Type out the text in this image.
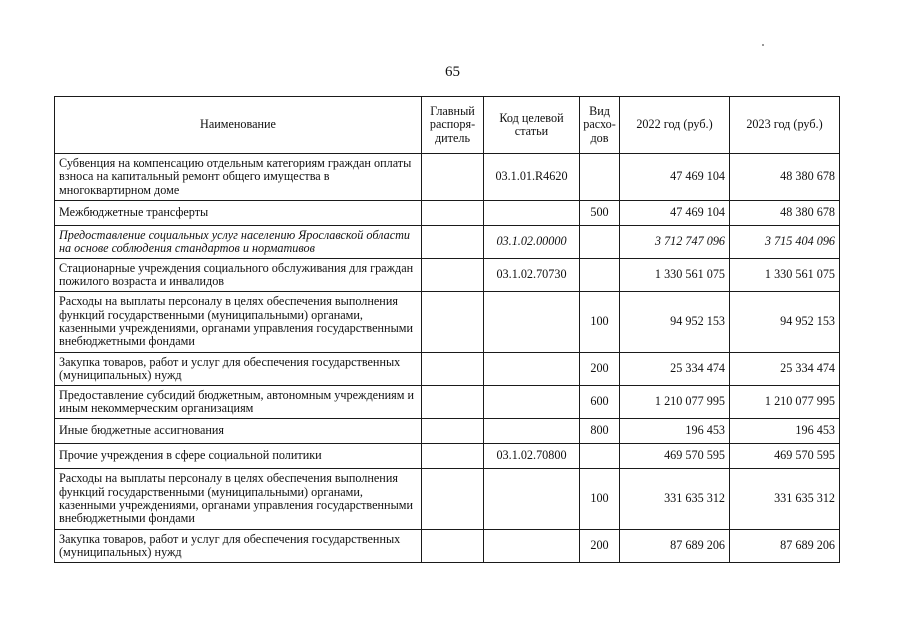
65
Наименование	Главный распоря-дитель	Код целевой статьи	Вид расхо-дов	2022 год (руб.)	2023 год (руб.)
Субвенция на компенсацию отдельным категориям граждан оплаты взноса на капитальный ремонт общего имущества в многоквартирном доме		03.1.01.R4620		47 469 104	48 380 678
Межбюджетные трансферты			500	47 469 104	48 380 678
Предоставление социальных услуг населению Ярославской области на основе соблюдения стандартов и нормативов		03.1.02.00000		3 712 747 096	3 715 404 096
Стационарные учреждения социального обслуживания для граждан пожилого возраста и инвалидов		03.1.02.70730		1 330 561 075	1 330 561 075
Расходы на выплаты персоналу в целях обеспечения выполнения функций государственными (муниципальными) органами, казенными учреждениями, органами управления государственными внебюджетными фондами			100	94 952 153	94 952 153
Закупка товаров, работ и услуг для обеспечения государственных (муниципальных) нужд			200	25 334 474	25 334 474
Предоставление субсидий бюджетным, автономным учреждениям и иным некоммерческим организациям			600	1 210 077 995	1 210 077 995
Иные бюджетные ассигнования			800	196 453	196 453
Прочие учреждения в сфере социальной политики		03.1.02.70800		469 570 595	469 570 595
Расходы на выплаты персоналу в целях обеспечения выполнения функций государственными (муниципальными) органами, казенными учреждениями, органами управления государственными внебюджетными фондами			100	331 635 312	331 635 312
Закупка товаров, работ и услуг для обеспечения государственных (муниципальных) нужд			200	87 689 206	87 689 206
